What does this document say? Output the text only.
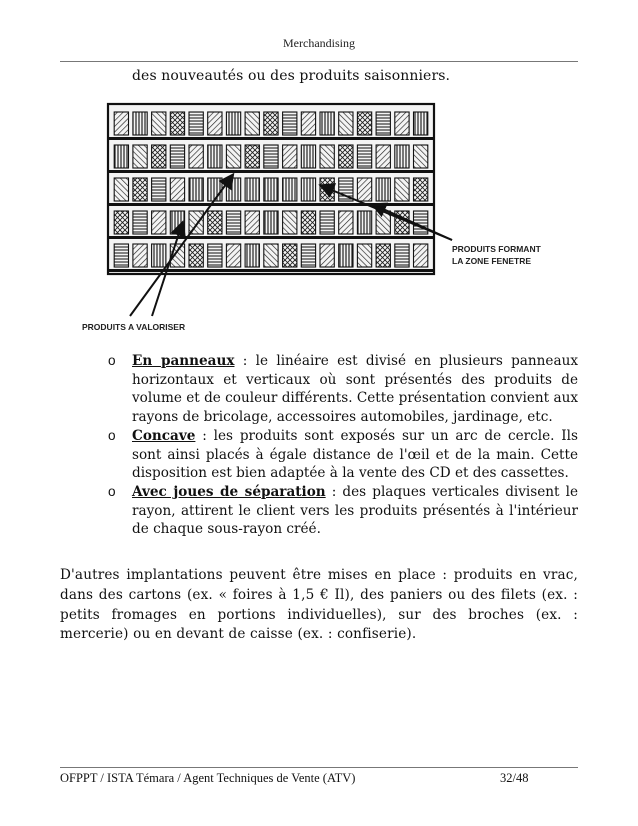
Merchandising
des nouveautés ou des produits saisonniers.
PRODUITS FORMANT
LA ZONE FENETRE
PRODUITS A VALORISER
o En panneaux : le linéaire est divisé en plusieurs panneaux horizontaux et verticaux où sont présentés des produits de volume et de couleur différents. Cette présentation convient aux rayons de bricolage, accessoires automobiles, jardinage, etc.
o Concave : les produits sont exposés sur un arc de cercle. Ils sont ainsi placés à égale distance de l'œil et de la main. Cette disposition est bien adaptée à la vente des CD et des cassettes.
o Avec joues de séparation : des plaques verticales divisent le rayon, attirent le client vers les produits présentés à l'intérieur de chaque sous-rayon créé.
D'autres implantations peuvent être mises en place : produits en vrac, dans des cartons (ex. « foires à 1,5 € Il), des paniers ou des filets (ex. : petits fromages en portions individuelles), sur des broches (ex. : mercerie) ou en devant de caisse (ex. : confiserie).
OFPPT / ISTA Témara / Agent Techniques de Vente (ATV)	32/48
